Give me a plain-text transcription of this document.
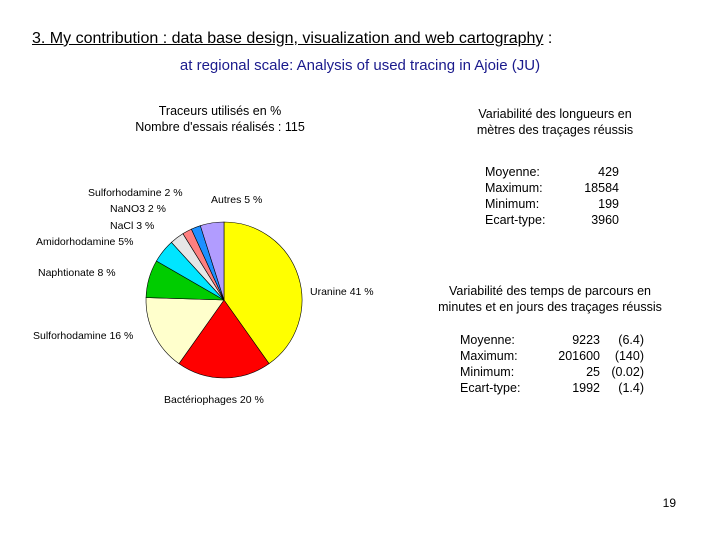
3. My contribution : data base design, visualization and web cartography :
at regional scale: Analysis of used tracing in Ajoie (JU)
Traceurs utilisés en %
Nombre d'essais réalisés : 115
Uranine 41 %
Bactériophages 20 %
Sulforhodamine 16 %
Naphtionate 8 %
Amidorhodamine 5%
NaCl 3 %
NaNO3 2 %
Sulforhodamine 2 %
Autres 5 %
Variabilité des longueurs en
mètres des traçages réussis
Moyenne:	429
Maximum:	18584
Minimum:	199
Ecart-type:	3960
Variabilité des temps de parcours en
minutes et en jours des traçages réussis
Moyenne:	9223	(6.4)
Maximum:	201600	(140)
Minimum:	25	(0.02)
Ecart-type:	1992	(1.4)
19
